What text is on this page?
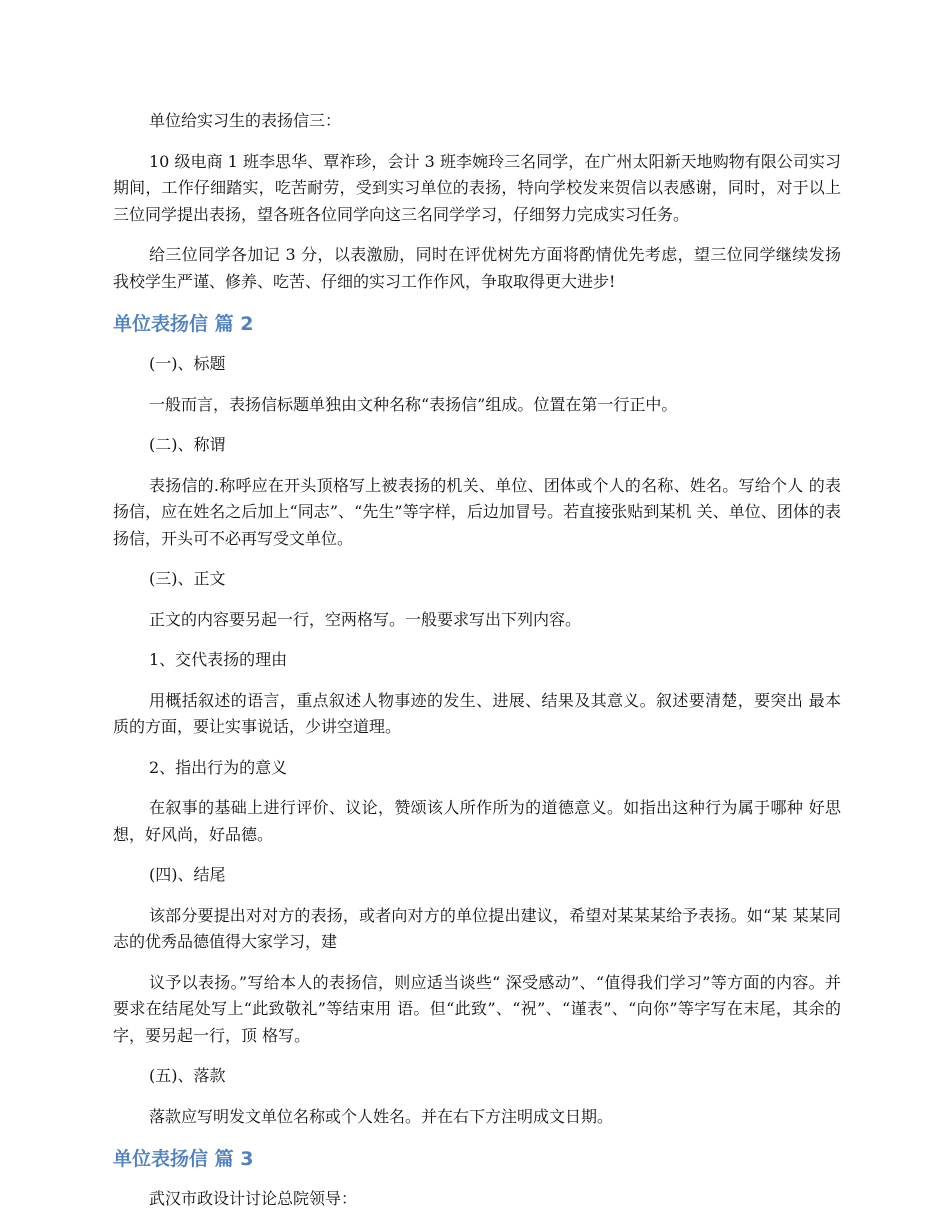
单位给实习生的表扬信三：

10 级电商 1 班李思华、覃祚珍，会计 3 班李婉玲三名同学，在广州太阳新天地购物有限公司实习期间，工作仔细踏实，吃苦耐劳，受到实习单位的表扬，特向学校发来贺信以表感谢，同时，对于以上三位同学提出表扬，望各班各位同学向这三名同学学习，仔细努力完成实习任务。

给三位同学各加记 3 分，以表激励，同时在评优树先方面将酌情优先考虑，望三位同学继续发扬我校学生严谨、修养、吃苦、仔细的实习工作作风，争取取得更大进步!

单位表扬信 篇 2

(一)、标题

一般而言，表扬信标题单独由文种名称“表扬信”组成。位置在第一行正中。

(二)、称谓

表扬信的.称呼应在开头顶格写上被表扬的机关、单位、团体或个人的名称、姓名。写给个人 的表扬信，应在姓名之后加上“同志”、“先生”等字样，后边加冒号。若直接张贴到某机 关、单位、团体的表扬信，开头可不必再写受文单位。

(三)、正文

正文的内容要另起一行，空两格写。一般要求写出下列内容。

1、交代表扬的理由

用概括叙述的语言，重点叙述人物事迹的发生、进展、结果及其意义。叙述要清楚，要突出 最本质的方面，要让实事说话，少讲空道理。

2、指出行为的意义

在叙事的基础上进行评价、议论，赞颂该人所作所为的道德意义。如指出这种行为属于哪种 好思想，好风尚，好品德。

(四)、结尾

该部分要提出对对方的表扬，或者向对方的单位提出建议，希望对某某某给予表扬。如“某 某某同志的优秀品德值得大家学习，建

议予以表扬。”写给本人的表扬信，则应适当谈些“ 深受感动”、“值得我们学习”等方面的内容。并要求在结尾处写上“此致敬礼”等结束用 语。但“此致”、“祝”、“谨表”、“向你”等字写在末尾，其余的字，要另起一行，顶 格写。

(五)、落款

落款应写明发文单位名称或个人姓名。并在右下方注明成文日期。

单位表扬信 篇 3

武汉市政设计讨论总院领导：
